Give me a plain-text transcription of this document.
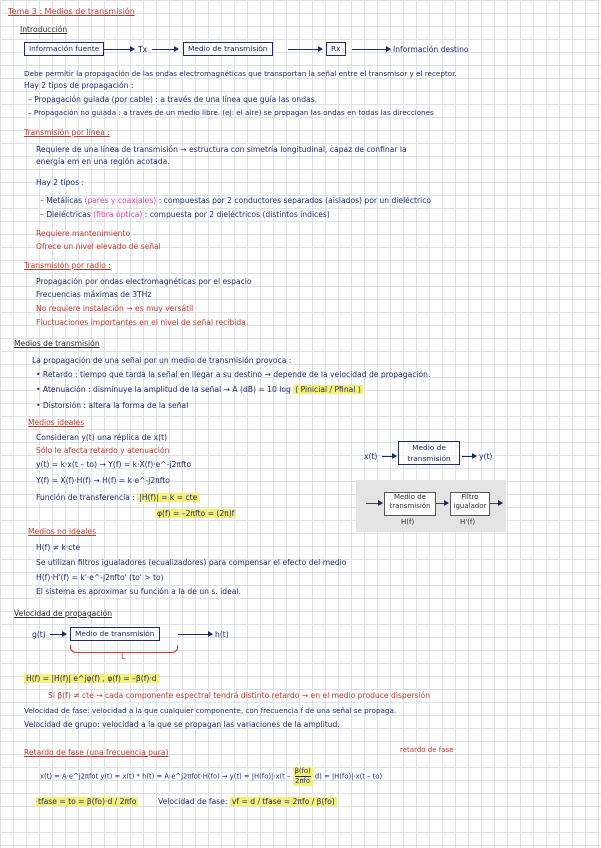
Tema 3 : Medios de transmisión
Introducción
Información fuente	Tx	Medio de transmisión	Rx	Información destino
Debe permitir la propagación de las ondas electromagnéticas que transportan la señal entre el transmisor y el receptor.
Hay 2 tipos de propagación :
– Propagación guiada (por cable) : a través de una línea que guía las ondas.
– Propagación no guiada : a través de un medio libre. (ej: el aire) se propagan las ondas en todas las direcciones
Transmisión por línea :
Requiere de una línea de transmisión → estructura con simetría longitudinal, capaz de confinar la
energía em en una región acotada.
Hay 2 tipos :
– Metálicas (pares y coaxiales) : compuestas por 2 conductores separados (aislados) por un dieléctrico
– Dieléctricas (fibra óptica) : compuesta por 2 dieléctricos (distintos índices)
Requiere mantenimiento
Ofrece un nivel elevado de señal
Transmisión por radio :
Propagación por ondas electromagnéticas por el espacio
Frecuencias máximas de 3THz
No requiere instalación → es muy versátil
Fluctuaciones importantes en el nivel de señal recibida.
Medios de transmisión
La propagación de una señal por un medio de transmisión provoca :
• Retardo : tiempo que tarda la señal en llegar a su destino → depende de la velocidad de propagación.
• Atenuación : disminuye la amplitud de la señal → A (dB) = 10 log ( Pinicial / Pfinal )
• Distorsión : altera la forma de la señal
Medios ideales
Consideran y(t) una réplica de x(t)
Sólo le afecta retardo y atenuación
y(t) = k·x(t – to) → Y(f) = k·X(f)·e^-j2πfto
Y(f) = X(f)·H(f) → H(f) = k·e^-j2πfto
Función de transferencia : |H(f)| = k = cte
φ(f) = –2πfto = (2π)f
x(t)
Medio de transmisión	y(t)
Medio de transmisión
H(f)
Filtro igualador
H'(f)
Medios no ideales
H(f) ≠ k·cte
Se utilizan filtros igualadores (ecualizadores) para compensar el efecto del medio
H(f)·H'(f) = k'·e^-j2πfto' (to' > to)
El sistema es aproximar su función a la de un s. ideal.
Velocidad de propagación
g(t)	Medio de transmisión	h(t)
L
H(f) = |H(f)| e^jφ(f) , φ(f) = –β(f)·d
Si β(f) ≠ cte → cada componente espectral tendrá distinto retardo → en el medio produce dispersión
Velocidad de fase: velocidad a la que cualquier componente, con frecuencia f de una señal se propaga.
Velocidad de grupo: velocidad a la que se propagan las variaciones de la amplitud.
Retardo de fase (una frecuencia pura)	retardo de fase
x(t) = A·e^j2πfot y(t) = x(t) * h(t) = A·e^j2πfot·H(fo) → y(t) = |H(fo)|·x(t –
β(fo)
2πfo
d) = |H(fo)|·x(t – to)
tfase = to = β(fo)·d / 2πfo	Velocidad de fase: vf = d / tfase = 2πfo / β(fo)
